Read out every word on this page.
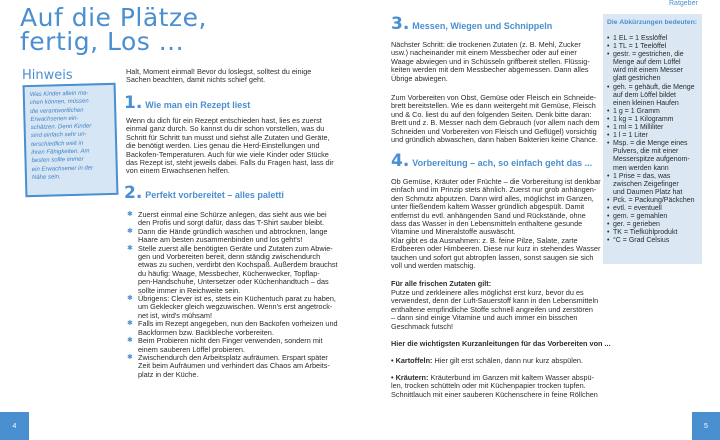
Auf die Plätze,
fertig, Los ...
Hinweis
Was Kinder allein ma-
chen können, müssen
die verantwortlichen
Erwachsenen ein-
schätzen. Denn Kinder
sind einfach sehr un-
terschiedlich weit in
ihren Fähigkeiten. Am
besten sollte immer
ein Erwachsener in der
Nähe sein.
Halt, Moment einmal! Bevor du loslegst, solltest du einige
Sachen beachten, damit nichts schief geht.
1. Wie man ein Rezept liest
Wenn du dich für ein Rezept entschieden hast, lies es zuerst
einmal ganz durch. So kannst du dir schon vorstellen, was du
Schritt für Schritt tun musst und siehst alle Zutaten und Geräte,
die benötigt werden. Lies genau die Herd-Einstellungen und
Backofen-Temperaturen. Auch für wie viele Kinder oder Stücke
das Rezept ist, steht jeweils dabei. Falls du Fragen hast, lass dir
von einem Erwachsenen helfen.
2. Perfekt vorbereitet – alles paletti
✱ Zuerst einmal eine Schürze anlegen, das sieht aus wie bei
den Profis und sorgt dafür, dass das T-Shirt sauber bleibt.
✱ Dann die Hände gründlich waschen und abtrocknen, lange
Haare am besten zusammenbinden und los geht's!
✱ Stelle zuerst alle benötigten Geräte und Zutaten zum Abwie-
gen und Vorbereiten bereit, denn ständig zwischendurch
etwas zu suchen, verdirbt den Kochspaß. Außerdem brauchst
du häufig: Waage, Messbecher, Küchenwecker, Topflap-
pen-Handschuhe, Untersetzer oder Küchenhandtuch – das
sollte immer in Reichweite sein.
✱ Übrigens: Clever ist es, stets ein Küchentuch parat zu haben,
um Geklecker gleich wegzuwischen. Wenn's erst angetrock-
net ist, wird's mühsam!
✱ Falls im Rezept angegeben, nun den Backofen vorheizen und
Backformen bzw. Backbleche vorbereiten.
✱ Beim Probieren nicht den Finger verwenden, sondern mit
einem sauberen Löffel probieren.
✱ Zwischendurch den Arbeitsplatz aufräumen. Erspart später
Zeit beim Aufräumen und verhindert das Chaos am Arbeits-
platz in der Küche.
4
Ratgeber
3. Messen, Wiegen und Schnippeln
Nächster Schritt: die trockenen Zutaten (z. B. Mehl, Zucker
usw.) nacheinander mit einem Messbecher oder auf einer
Waage abwiegen und in Schüsseln griffbereit stellen. Flüssig-
keiten werden mit dem Messbecher abgemessen. Dann alles
Übrige abwiegen.
Zum Vorbereiten von Obst, Gemüse oder Fleisch ein Schneide-
brett bereitstellen. Wie es dann weitergeht mit Gemüse, Fleisch
und & Co. liest du auf den folgenden Seiten. Denk bitte daran:
Brett und z. B. Messer nach dem Gebrauch (vor allem nach dem
Schneiden und Vorbereiten von Fleisch und Geflügel) vorsichtig
und gründlich abwaschen, dann haben Bakterien keine Chance.
4. Vorbereitung – ach, so einfach geht das ...
Ob Gemüse, Kräuter oder Früchte – die Vorbereitung ist denkbar
einfach und im Prinzip stets ähnlich. Zuerst nur grob anhängen-
den Schmutz abputzen. Dann wird alles, möglichst im Ganzen,
unter fließendem kaltem Wasser gründlich abgespült. Damit
entfernst du evtl. anhängenden Sand und Rückstände, ohne
dass das Wasser in den Lebensmitteln enthaltene gesunde
Vitamine und Mineralstoffe auswäscht.
Klar gibt es da Ausnahmen: z. B. feine Pilze, Salate, zarte
Erdbeeren oder Himbeeren. Diese nur kurz in stehendes Wasser
tauchen und sofort gut abtropfen lassen, sonst saugen sie sich
voll und werden matschig.
Für alle frischen Zutaten gilt:
Putze und zerkleinere alles möglichst erst kurz, bevor du es
verwendest, denn der Luft-Sauerstoff kann in den Lebensmitteln
enthaltene empfindliche Stoffe schnell angreifen und zerstören
– dann sind einige Vitamine und auch immer ein bisschen
Geschmack futsch!
Hier die wichtigsten Kurzanleitungen für das Vorbereiten von ...
• Kartoffeln: Hier gilt erst schälen, dann nur kurz abspülen.
• Kräutern: Kräuterbund im Ganzen mit kaltem Wasser abspü-
len, trocken schütteln oder mit Küchenpapier trocken tupfen.
Schnittlauch mit einer sauberen Küchenschere in feine Röllchen
Die Abkürzungen bedeuten:
• 1 EL = 1 Esslöffel
• 1 TL = 1 Teelöffel
• gestr. = gestrichen, die
Menge auf dem Löffel
wird mit einem Messer
glatt gestrichen
• geh. = gehäuft, die Menge
auf dem Löffel bildet
einen kleinen Haufen
• 1 g = 1 Gramm
• 1 kg = 1 Kilogramm
• 1 ml = 1 Milliliter
• 1 l = 1 Liter
• Msp. = die Menge eines
Pulvers, die mit einer
Messerspitze aufgenom-
men werden kann
• 1 Prise = das, was
zwischen Zeigefinger
und Daumen Platz hat
• Pck. = Packung/Päckchen
• evtl. = eventuell
• gem. = gemahlen
• ger. = gerieben
• TK = Tiefkühlprodukt
• °C = Grad Celsius
5
